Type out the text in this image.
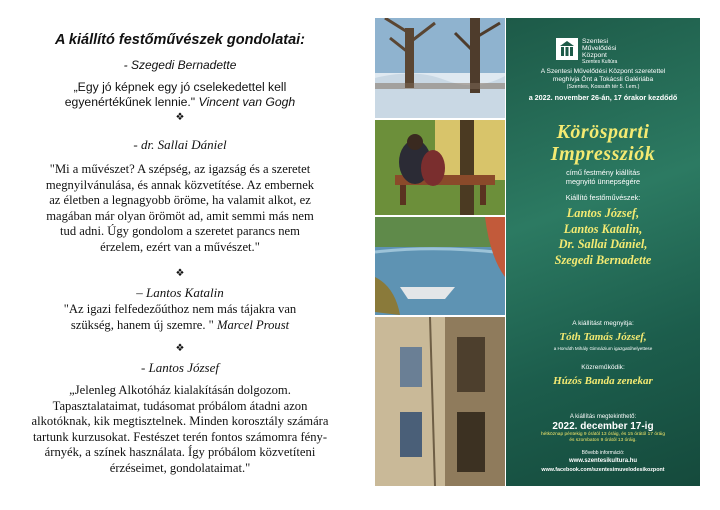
A kiállító festőművészek gondolatai:
- Szegedi Bernadette
„Egy jó képnek egy jó cselekedettel kell
egyenértékűnek lennie." Vincent van Gogh
❖
- dr. Sallai Dániel
"Mi a művészet? A szépség, az igazság és a szeretet
megnyilvánulása, és annak közvetítése. Az embernek
az életben a legnagyobb öröme, ha valamit alkot, ez
magában már olyan örömöt ad, amit semmi más nem
tud adni. Úgy gondolom a szeretet parancs nem
érzelem, ezért van a művészet."
❖
– Lantos Katalin
"Az igazi felfedezőúthoz nem más tájakra van
szükség, hanem új szemre. " Marcel Proust
❖
- Lantos József
„Jelenleg Alkotóház kialakításán dolgozom.
Tapasztalataimat, tudásomat próbálom átadni azon
alkotóknak, kik megtisztelnek. Minden korosztály számára
tartunk kurzusokat. Festészet terén fontos számomra fény-
árnyék, a színek használata. Így próbálom közvetíteni
érzéseimet, gondolataimat."
Szentesi
Művelődési
Központ
Szentes Kultúra
A Szentesi Művelődési Központ szeretettel
meghívja Önt a Tokácsli Galériába
(Szentes, Kossuth tér 5. I.em.)
a 2022. november 26-án, 17 órakor kezdődő
Körösparti
Impressziók
című festmény kiállítás
megnyitó ünnepségére
Kiállító festőművészek:
Lantos József,
Lantos Katalin,
Dr. Sallai Dániel,
Szegedi Bernadette
A kiállítást megnyitja:
Tóth Tamás József,
a Horváth Mihály Gimnázium igazgatóhelyettese
Közreműködik:
Húzós Banda zenekar
A kiállítás megtekinthető:
2022. december 17-ig
hétköznap péntekig 9 órától 13 óráig, és 15 órától 17 óráig
és szombaton 9 órától 13 óráig.
Bővebb információ:
www.szentesikultura.hu
www.facebook.com/szentesimuvelodesikozpont
